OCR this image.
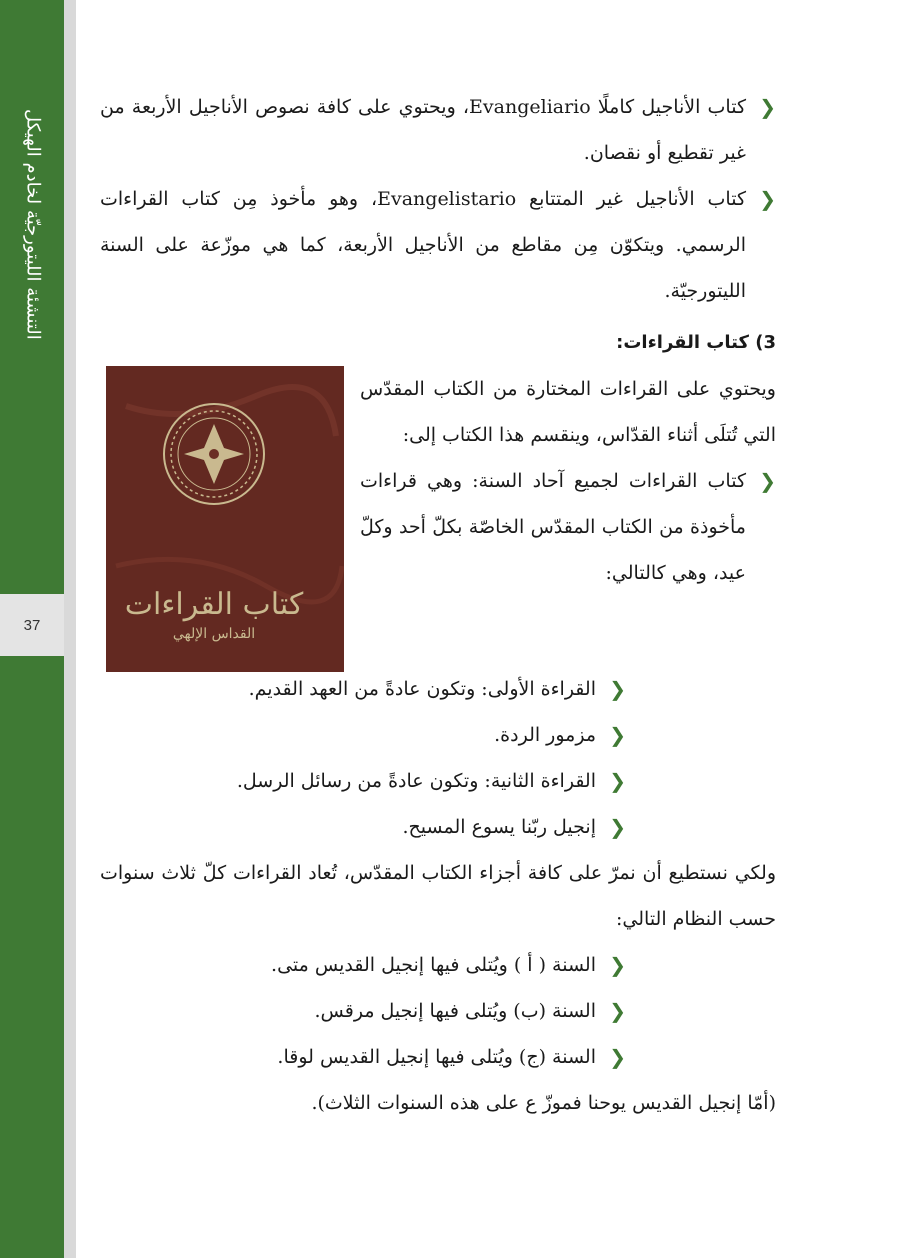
التنشئة الليتورجيّة لخادم الهيكل
37
❮
كتاب الأناجيل كاملًا Evangeliario، ويحتوي على كافة نصوص الأناجيل الأربعة من غير تقطيع أو نقصان.
❮
كتاب الأناجيل غير المتتابع Evangelistario، وهو مأخوذ مِن كتاب القراءات الرسمي. ويتكوّن مِن مقاطع من الأناجيل الأربعة، كما هي موزّعة على السنة الليتورجيّة.
3) كتاب القراءات:
كتاب القراءات
القداس الإلهي
ويحتوي على القراءات المختارة من الكتاب المقدّس التي تُتلَى أثناء القدّاس، وينقسم هذا الكتاب إلى:
❮
كتاب القراءات لجميع آحاد السنة: وهي قراءات مأخوذة من الكتاب المقدّس الخاصّة بكلّ أحد وكلّ عيد، وهي كالتالي:
❮
القراءة الأولى: وتكون عادةً من العهد القديم.
❮
مزمور الردة.
❮
القراءة الثانية: وتكون عادةً من رسائل الرسل.
❮
إنجيل ربّنا يسوع المسيح.
ولكي نستطيع أن نمرّ على كافة أجزاء الكتاب المقدّس، تُعاد القراءات كلّ ثلاث سنوات حسب النظام التالي:
❮
السنة ( أ ) ويُتلى فيها إنجيل القديس متى.
❮
السنة (ب) ويُتلى فيها إنجيل مرقس.
❮
السنة (ج) ويُتلى فيها إنجيل القديس لوقا.
(أمّا إنجيل القديس يوحنا فموزّ ع على هذه السنوات الثلاث).
